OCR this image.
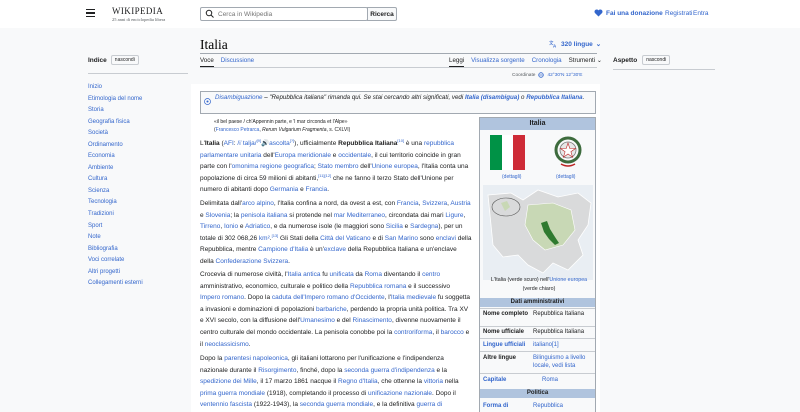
WIKIPEDIA
25 anni di enciclopedia libera
Cerca in Wikipedia
Ricerca	Fai una donazione Registrati Entra
Indice	nascondi
Inizio
Etimologia del nome
Storia
Geografia fisica
Società
Ordinamento
Economia
Ambiente
Cultura
Scienza
Tecnologia
Tradizioni
Sport
Note
Bibliografia
Voci correlate
Altri progetti
Collegamenti esterni
Italia	文
A 320 lingue ⌄
Voce Discussione	Leggi Visualizza sorgente Cronologia Strumenti ⌄
Coordinate	42°30′N 12°30′E
Disambiguazione – "Repubblica italiana" rimanda qui. Se stai cercando altri significati, vedi Italia (disambigua) o Repubblica Italiana.
«il bel paese / ch'Appennin parte, e 'l mar circonda et l'Alpe»
(Francesco Petrarca, Rerum Vulgarium Fragmenta, s. CXLVI)
L'Italia (AFI: /iˈtalja/[9]🔊ascolta[?]), ufficialmente Repubblica Italiana[10] è una repubblica parlamentare unitaria dell'Europa meridionale e occidentale, il cui territorio coincide in gran parte con l'omonima regione geografica; Stato membro dell'Unione europea, l'Italia conta una popolazione di circa 59 milioni di abitanti,[11][12] che ne fanno il terzo Stato dell'Unione per numero di abitanti dopo Germania e Francia.
Delimitata dall'arco alpino, l'Italia confina a nord, da ovest a est, con Francia, Svizzera, Austria e Slovenia; la penisola italiana si protende nel mar Mediterraneo, circondata dai mari Ligure, Tirreno, Ionio e Adriatico, e da numerose isole (le maggiori sono Sicilia e Sardegna), per un totale di 302 068,26 km².[13] Gli Stati della Città del Vaticano e di San Marino sono enclavi della Repubblica, mentre Campione d'Italia è un'exclave della Repubblica Italiana e un'enclave della Confederazione Svizzera.
Crocevia di numerose civiltà, l'Italia antica fu unificata da Roma diventando il centro amministrativo, economico, culturale e politico della Repubblica romana e il successivo Impero romano. Dopo la caduta dell'Impero romano d'Occidente, l'Italia medievale fu soggetta a invasioni e dominazioni di popolazioni barbariche, perdendo la propria unità politica. Tra XV e XVI secolo, con la diffusione dell'Umanesimo e del Rinascimento, divenne nuovamente il centro culturale del mondo occidentale. La penisola conobbe poi la controriforma, il barocco e il neoclassicismo.
Dopo la parentesi napoleonica, gli italiani lottarono per l'unificazione e l'indipendenza nazionale durante il Risorgimento, finché, dopo la seconda guerra d'indipendenza e la spedizione dei Mille, il 17 marzo 1861 nacque il Regno d'Italia, che ottenne la vittoria nella prima guerra mondiale (1918), completando il processo di unificazione nazionale. Dopo il ventennio fascista (1922-1943), la seconda guerra mondiale, e la definitiva guerra di
Italia
(dettagli)	(dettagli)
L'Italia (verde scuro) nell'Unione europea (verde chiaro)
Dati amministrativi
Nome completo Repubblica Italiana
Nome ufficiale	Repubblica Italiana
Lingue ufficiali	italiano[1]
Altre lingue	Bilinguismo a livello locale, vedi lista
Capitale	Roma
Politica
Forma di	Repubblica
Aspetto	nascondi
